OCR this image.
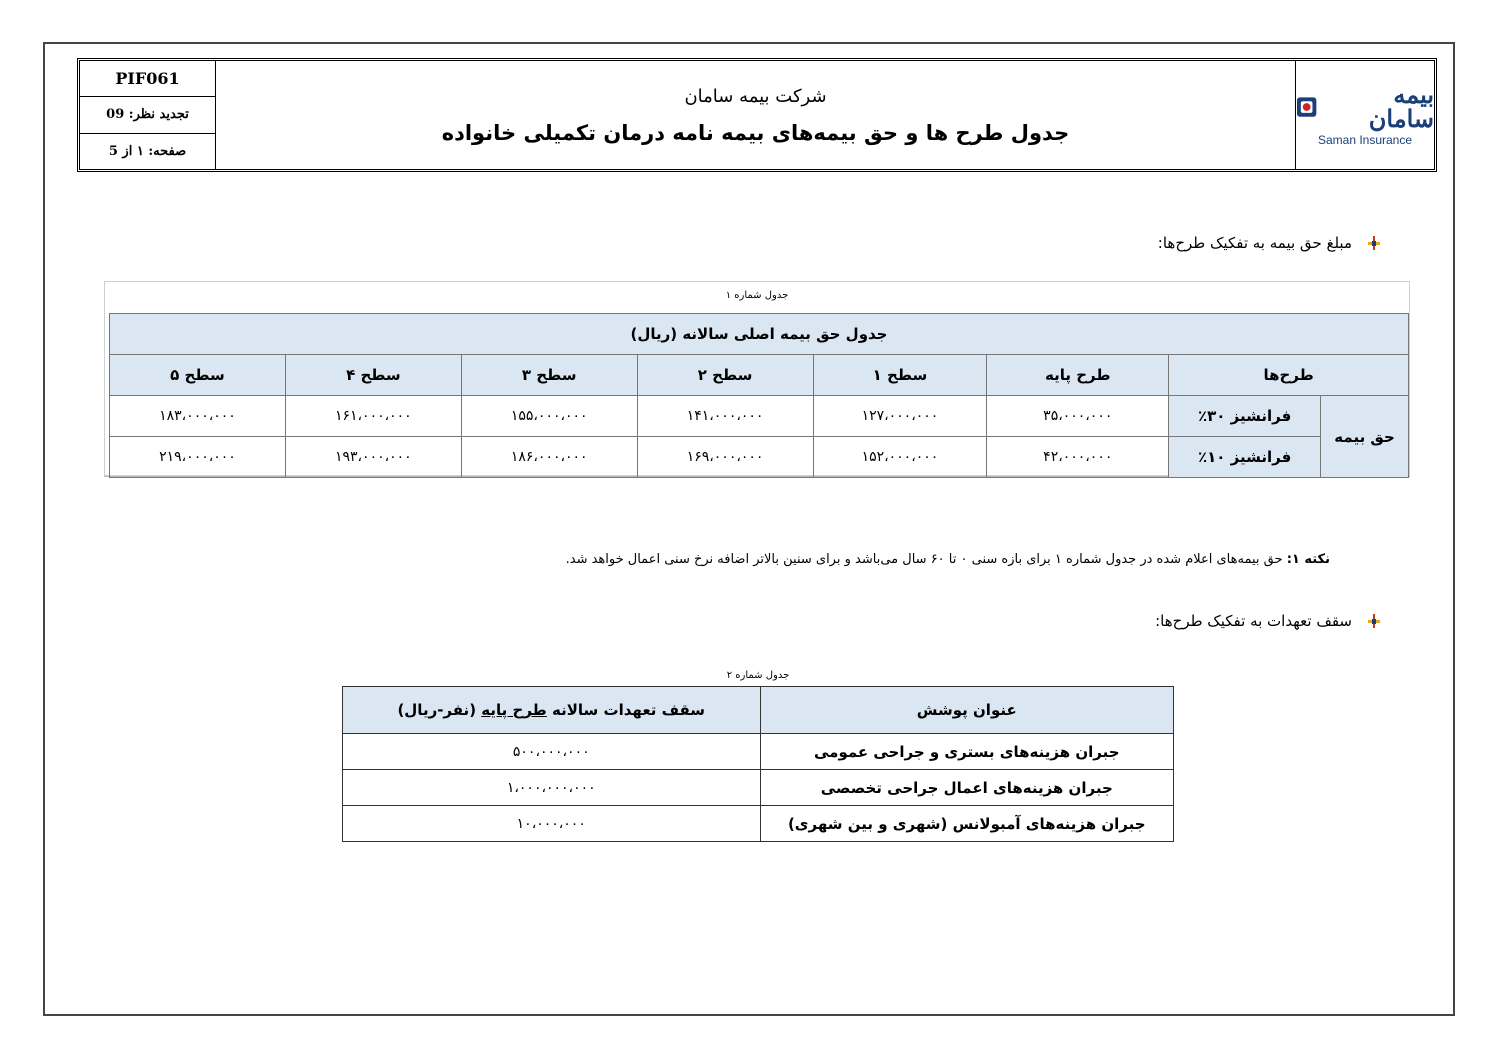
PIF061
تجدید نظر: 09
صفحه: ۱ از 5
شرکت بیمه سامان
جدول طرح ها و حق بیمه‌های بیمه نامه درمان تکمیلی خانواده
بیمه سامان
Saman Insurance
مبلغ حق بیمه به تفکیک طرح‌ها:
جدول شماره ۱
جدول حق بیمه اصلی سالانه (ریال)							
طرح‌ها		طرح پایه	سطح ۱	سطح ۲	سطح ۳	سطح ۴	سطح ۵
حق بیمه	فرانشیز ۳۰٪	۳۵،۰۰۰،۰۰۰	۱۲۷،۰۰۰،۰۰۰	۱۴۱،۰۰۰،۰۰۰	۱۵۵،۰۰۰،۰۰۰	۱۶۱،۰۰۰،۰۰۰	۱۸۳،۰۰۰،۰۰۰
	فرانشیز ۱۰٪	۴۲،۰۰۰،۰۰۰	۱۵۲،۰۰۰،۰۰۰	۱۶۹،۰۰۰،۰۰۰	۱۸۶،۰۰۰،۰۰۰	۱۹۳،۰۰۰،۰۰۰	۲۱۹،۰۰۰،۰۰۰
نکته ۱: حق بیمه‌های اعلام شده در جدول شماره ۱ برای بازه سنی ۰ تا ۶۰ سال می‌باشد و برای سنین بالاتر اضافه نرخ سنی اعمال خواهد شد.
سقف تعهدات به تفکیک طرح‌ها:
جدول شماره ۲
عنوان پوشش	سقف تعهدات سالانه طرح پایه (نفر-ریال)
جبران هزینه‌های بستری و جراحی عمومی	۵۰۰،۰۰۰،۰۰۰
جبران هزینه‌های اعمال جراحی تخصصی	۱،۰۰۰،۰۰۰،۰۰۰
جبران هزینه‌های آمبولانس (شهری و بین شهری)	۱۰،۰۰۰،۰۰۰
